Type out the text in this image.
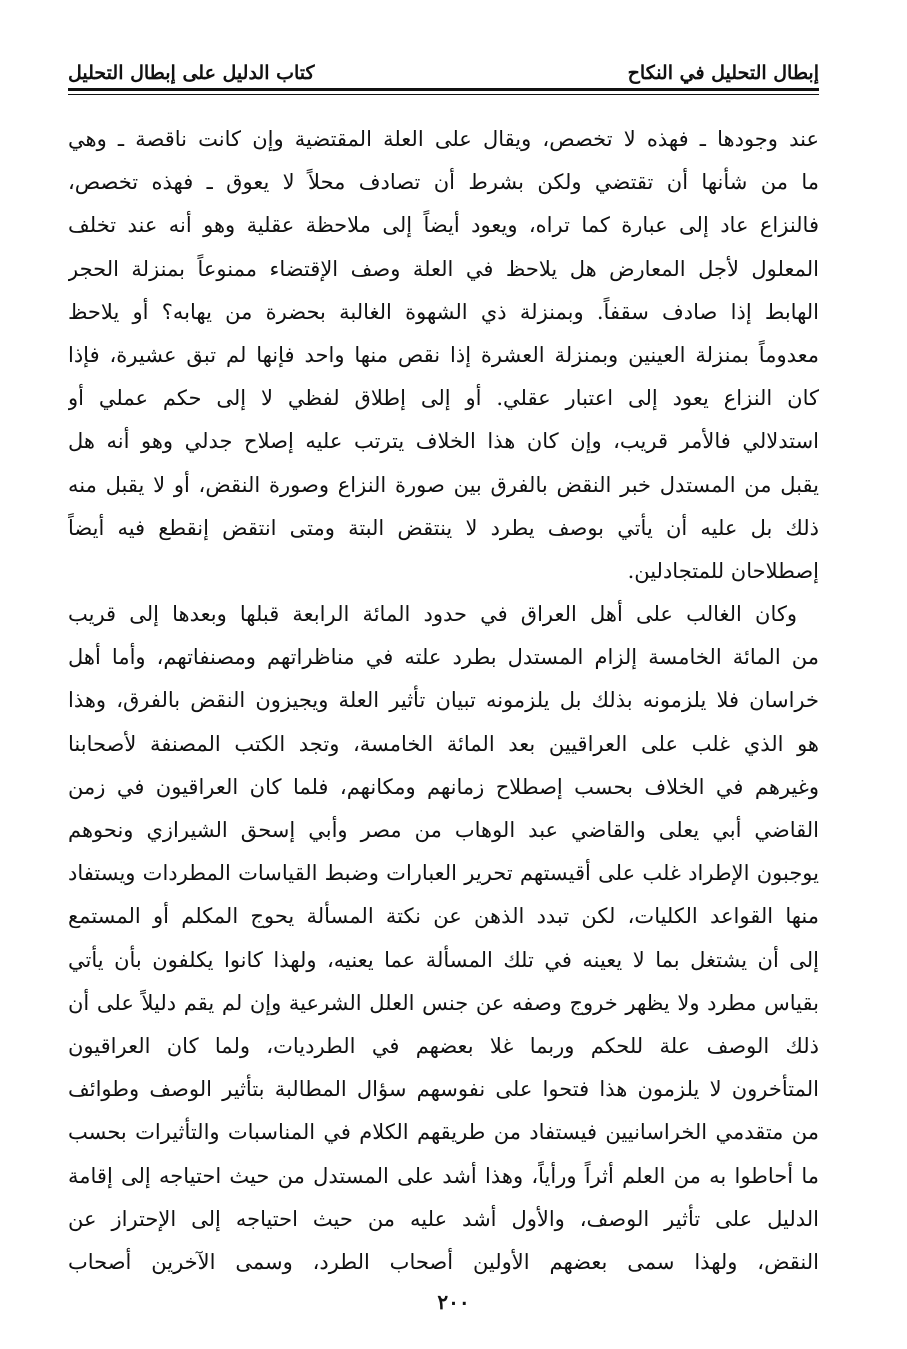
إبطال التحليل في النكاح
كتاب الدليل على إبطال التحليل
عند وجودها ـ فهذه لا تخصص، ويقال على العلة المقتضية وإن كانت ناقصة ـ وهي
ما من شأنها أن تقتضي ولكن بشرط أن تصادف محلاً لا يعوق ـ فهذه تخصص،
فالنزاع عاد إلى عبارة كما تراه، ويعود أيضاً إلى ملاحظة عقلية وهو أنه عند تخلف
المعلول لأجل المعارض هل يلاحظ في العلة وصف الإقتضاء ممنوعاً بمنزلة الحجر
الهابط إذا صادف سقفاً. وبمنزلة ذي الشهوة الغالبة بحضرة من يهابه؟ أو يلاحظ
معدوماً بمنزلة العينين وبمنزلة العشرة إذا نقص منها واحد فإنها لم تبق عشيرة، فإذا
كان النزاع يعود إلى اعتبار عقلي. أو إلى إطلاق لفظي لا إلى حكم عملي أو
استدلالي فالأمر قريب، وإن كان هذا الخلاف يترتب عليه إصلاح جدلي وهو أنه هل
يقبل من المستدل خبر النقض بالفرق بين صورة النزاع وصورة النقض، أو لا يقبل منه
ذلك بل عليه أن يأتي بوصف يطرد لا ينتقض البتة ومتى انتقض إنقطع فيه أيضاً
إصطلاحان للمتجادلين.
وكان الغالب على أهل العراق في حدود المائة الرابعة قبلها وبعدها إلى قريب
من المائة الخامسة إلزام المستدل بطرد علته في مناظراتهم ومصنفاتهم، وأما أهل
خراسان فلا يلزمونه بذلك بل يلزمونه تبيان تأثير العلة ويجيزون النقض بالفرق، وهذا
هو الذي غلب على العراقيين بعد المائة الخامسة، وتجد الكتب المصنفة لأصحابنا
وغيرهم في الخلاف بحسب إصطلاح زمانهم ومكانهم، فلما كان العراقيون في زمن
القاضي أبي يعلى والقاضي عبد الوهاب من مصر وأبي إسحق الشيرازي ونحوهم
يوجبون الإطراد غلب على أقيستهم تحرير العبارات وضبط القياسات المطردات ويستفاد
منها القواعد الكليات، لكن تبدد الذهن عن نكتة المسألة يحوج المكلم أو المستمع
إلى أن يشتغل بما لا يعينه في تلك المسألة عما يعنيه، ولهذا كانوا يكلفون بأن يأتي
بقياس مطرد ولا يظهر خروج وصفه عن جنس العلل الشرعية وإن لم يقم دليلاً على أن
ذلك الوصف علة للحكم وربما غلا بعضهم في الطرديات، ولما كان العراقيون
المتأخرون لا يلزمون هذا فتحوا على نفوسهم سؤال المطالبة بتأثير الوصف وطوائف
من متقدمي الخراسانيين فيستفاد من طريقهم الكلام في المناسبات والتأثيرات بحسب
ما أحاطوا به من العلم أثراً ورأياً، وهذا أشد على المستدل من حيث احتياجه إلى إقامة
الدليل على تأثير الوصف، والأول أشد عليه من حيث احتياجه إلى الإحتراز عن
النقض، ولهذا سمى بعضهم الأولين أصحاب الطرد، وسمى الآخرين أصحاب
٢٠٠
